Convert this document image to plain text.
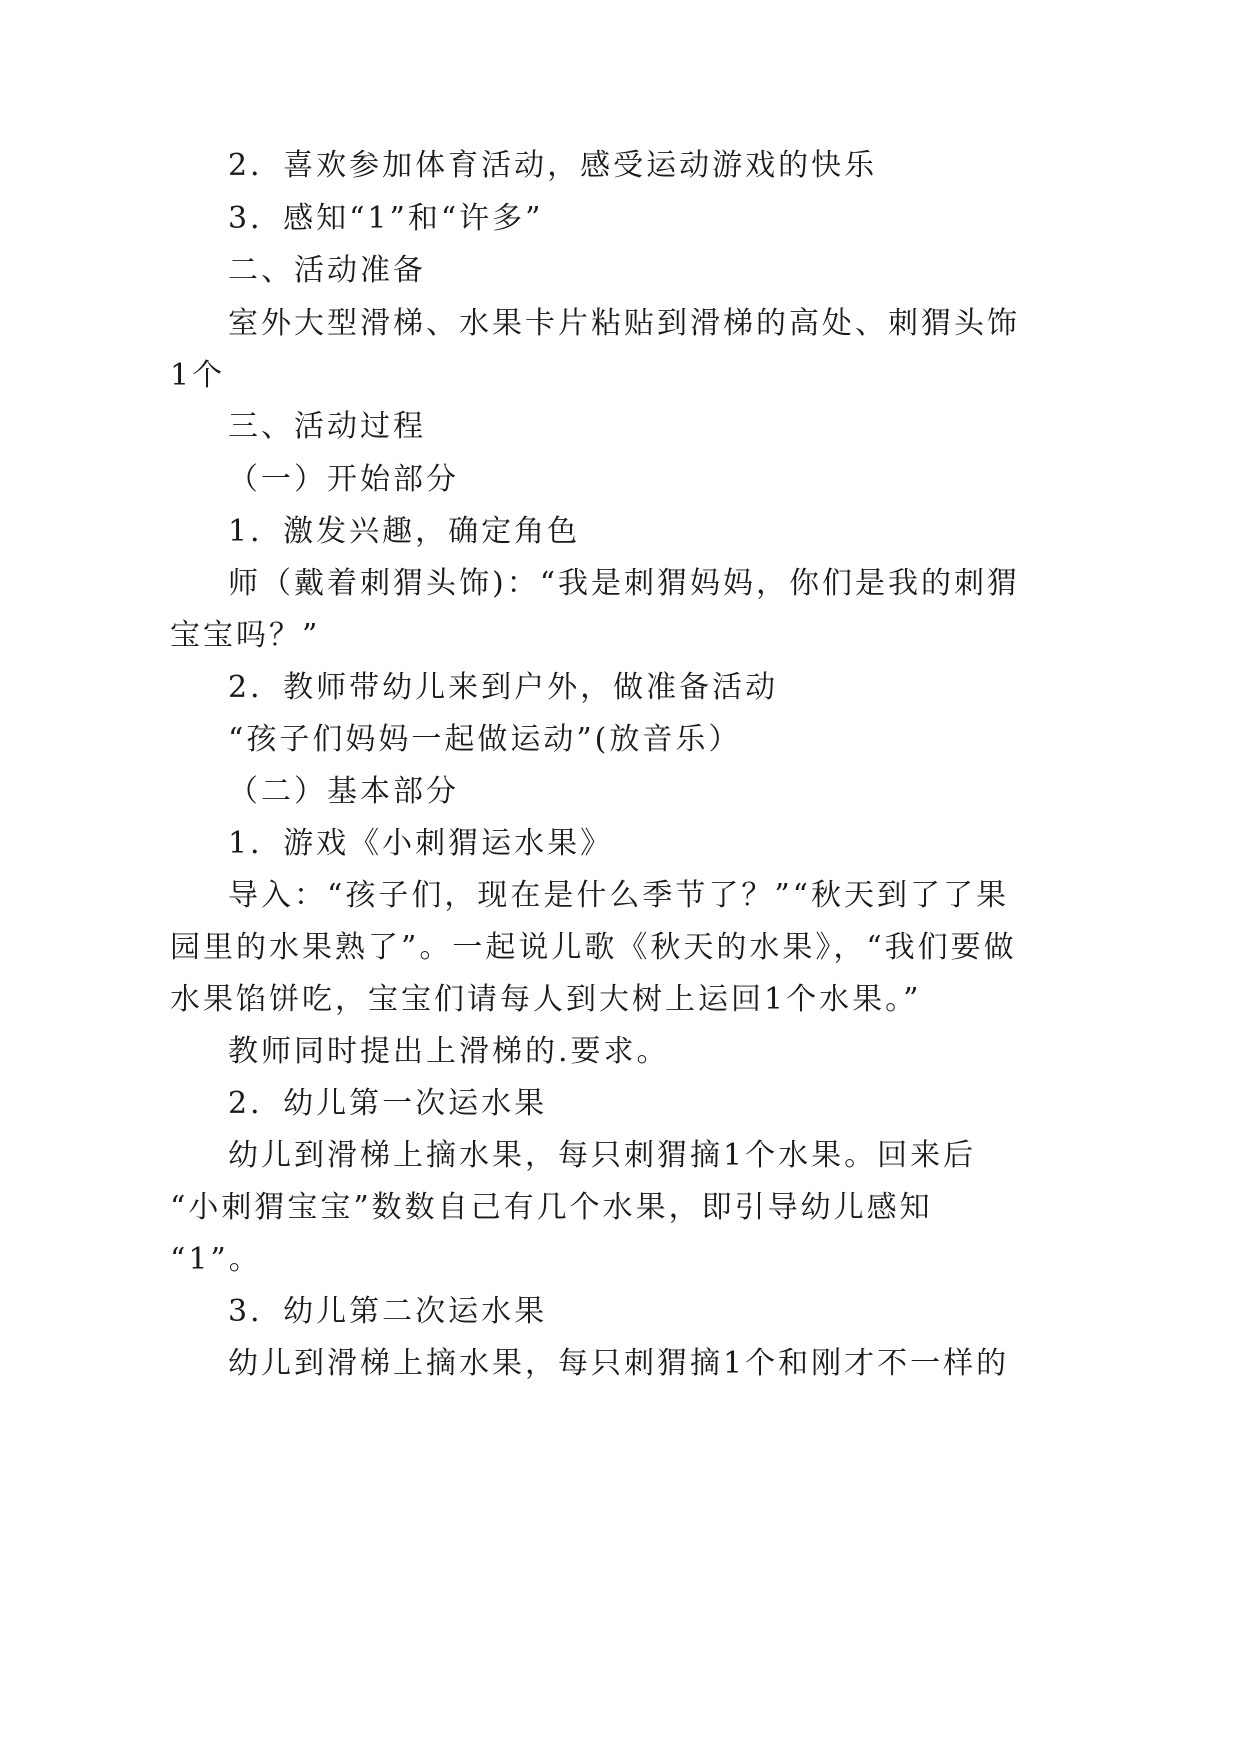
2．喜欢参加体育活动，感受运动游戏的快乐
3．感知“1”和“许多”
二、活动准备
室外大型滑梯、水果卡片粘贴到滑梯的高处、刺猬头饰
1个
三、活动过程
（一）开始部分
1．激发兴趣，确定角色
师（戴着刺猬头饰)：“我是刺猬妈妈，你们是我的刺猬
宝宝吗？”
2．教师带幼儿来到户外，做准备活动
“孩子们妈妈一起做运动”(放音乐）
（二）基本部分
1．游戏《小刺猬运水果》
导入：“孩子们，现在是什么季节了？”“秋天到了了果
园里的水果熟了”。一起说儿歌《秋天的水果》，“我们要做
水果馅饼吃，宝宝们请每人到大树上运回1个水果。”
教师同时提出上滑梯的.要求。
2．幼儿第一次运水果
幼儿到滑梯上摘水果，每只刺猬摘1个水果。回来后
“小刺猬宝宝”数数自己有几个水果，即引导幼儿感知
“1”。
3．幼儿第二次运水果
幼儿到滑梯上摘水果，每只刺猬摘1个和刚才不一样的
